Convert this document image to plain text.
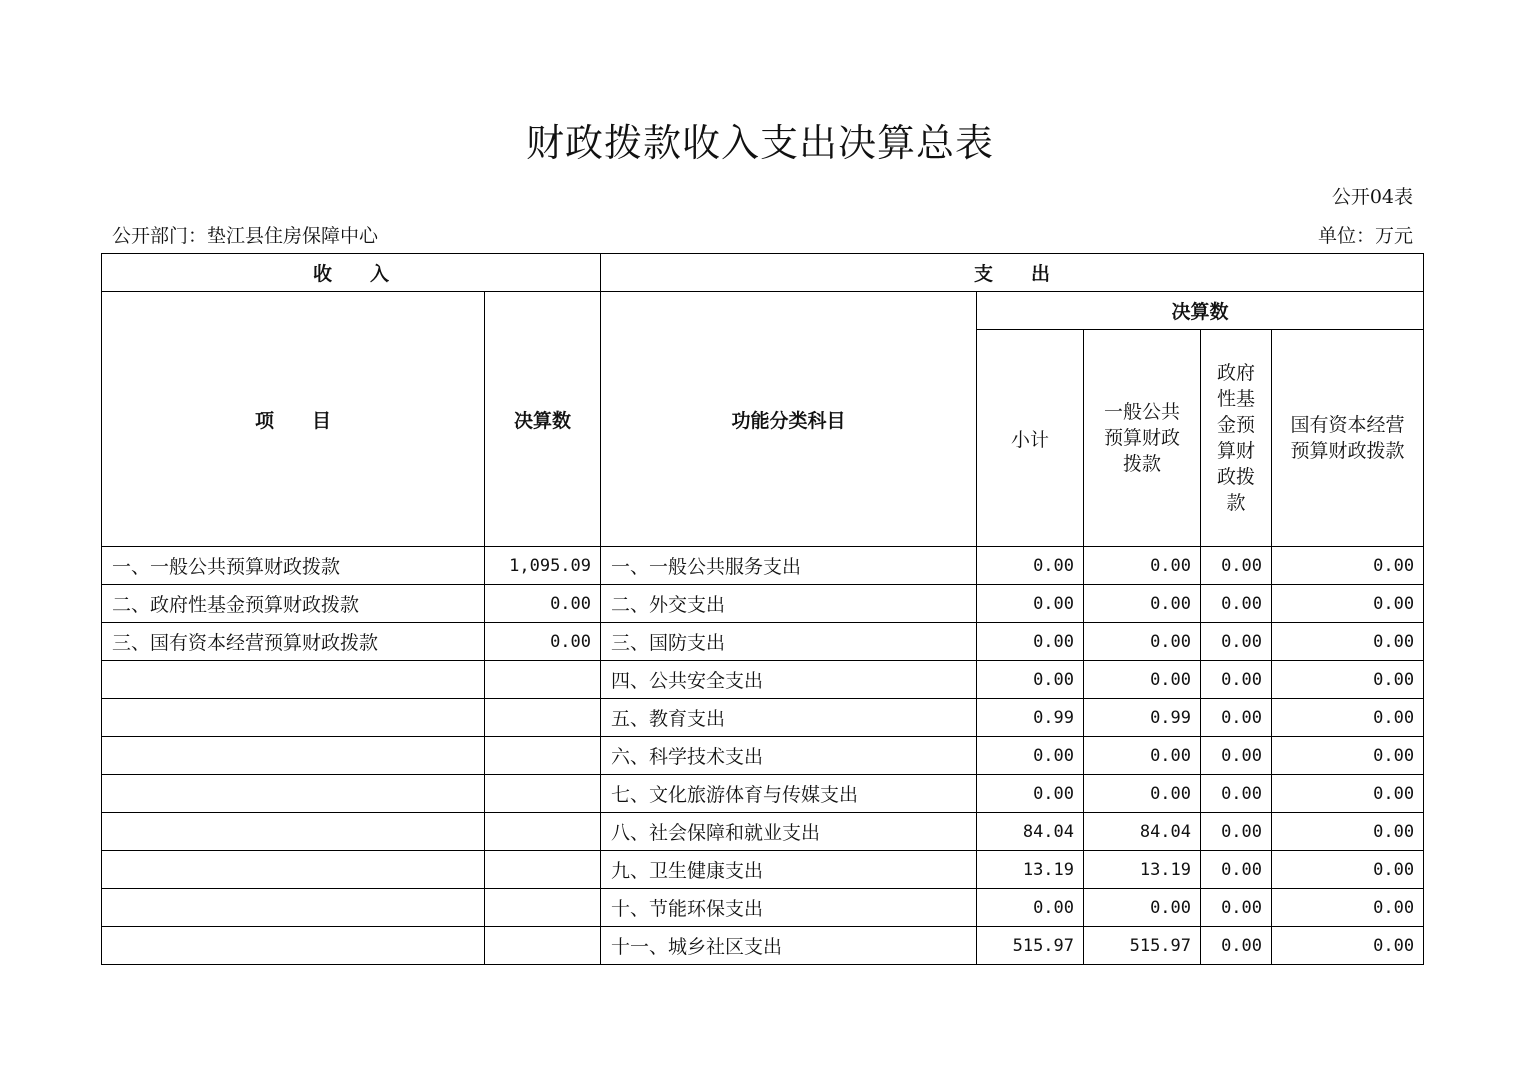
财政拨款收入支出决算总表
公开04表
公开部门：垫江县住房保障中心	单位：万元
收　　入		支　　出				
项　　目	决算数	功能分类科目	决算数			
			小计	一般公共预算财政拨款	政府性基金预算财政拨款	国有资本经营预算财政拨款
一、一般公共预算财政拨款	1,095.09	一、一般公共服务支出	0.00	0.00	0.00	0.00
二、政府性基金预算财政拨款	0.00	二、外交支出	0.00	0.00	0.00	0.00
三、国有资本经营预算财政拨款	0.00	三、国防支出	0.00	0.00	0.00	0.00
		四、公共安全支出	0.00	0.00	0.00	0.00
		五、教育支出	0.99	0.99	0.00	0.00
		六、科学技术支出	0.00	0.00	0.00	0.00
		七、文化旅游体育与传媒支出	0.00	0.00	0.00	0.00
		八、社会保障和就业支出	84.04	84.04	0.00	0.00
		九、卫生健康支出	13.19	13.19	0.00	0.00
		十、节能环保支出	0.00	0.00	0.00	0.00
		十一、城乡社区支出	515.97	515.97	0.00	0.00
